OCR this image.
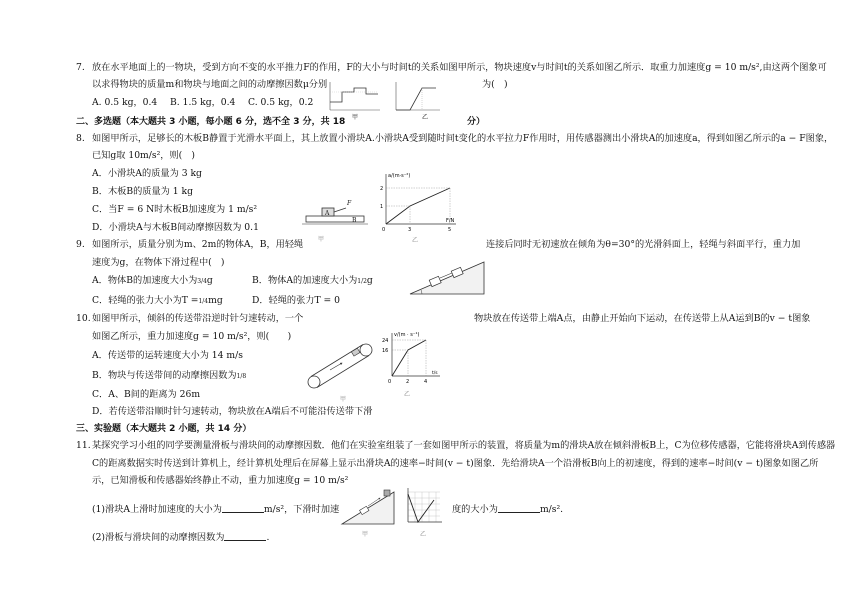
7. 放在水平地面上的一物块，受到方向不变的水平推力F的作用，F的大小与时间t的关系如图甲所示，物块速度v与时间t的关系如图乙所示．取重力加速度g = 10 m/s²,由这两个图象可
以求得物块的质量m和物块与地面之间的动摩擦因数μ分别	为(　)
A. 0.5 kg，0.4 B. 1.5 kg，0.4 C. 0.5 kg，0.2
甲	乙
二、多选题（本大题共 3 小题，每小题 6 分，选不全 3 分，共 18	分）
8. 如图甲所示，足够长的木板B静置于光滑水平面上，其上放置小滑块A.小滑块A受到随时间t变化的水平拉力F作用时，用传感器测出小滑块A的加速度a，得到如图乙所示的a − F图象，
已知g取 10m/s²，则(　)
A．小滑块A的质量为 3 kg
B．木板B的质量为 1 kg
C．当F = 6 N时木板B加速度为 1 m/s²
D．小滑块A与木板B间动摩擦因数为 0.1
A
F
B
甲
a/(m·s⁻²)
F/N
2
1
0	3	5
乙
9. 如图所示，质量分别为m、2m的物体A，B，用轻绳	连接后同时无初速放在倾角为θ=30°的光滑斜面上，轻绳与斜面平行，重力加
速度为g，在物体下滑过程中(　)
A．物体B的加速度大小为3/4g	B．物体A的加速度大小为1/2g
C．轻绳的张力大小为T =1/4mg	D．轻绳的张力T = 0
10. 如图甲所示，倾斜的传送带沿逆时针匀速转动，一个	物块放在传送带上端A点，由静止开始向下运动，在传送带上从A运到B的v − t图象
如图乙所示，重力加速度g = 10 m/s²，则(　　)
A．传送带的运转速度大小为 14 m/s
B．物块与传送带间的动摩擦因数为1/8
C．A、B间的距离为 26m
D．若传送带沿顺时针匀速转动，物块放在A端后不可能沿传送带下滑
甲
v/(m · s⁻¹)
24
16
0	2	4
t/s
乙
三、实验题（本大题共 2 小题，共 14 分）
11. 某探究学习小组的同学要测量滑板与滑块间的动摩擦因数．他们在实验室组装了一套如图甲所示的装置，将质量为m的滑块A放在倾斜滑板B上，C为位移传感器，它能将滑块A到传感器
C的距离数据实时传送到计算机上，经计算机处理后在屏幕上显示出滑块A的速率−时间(v − t)图象．先给滑块A一个沿滑板B向上的初速度，得到的速率−时间(v − t)图象如图乙所
示，已知滑板和传感器始终静止不动，重力加速度g = 10 m/s²
(1)滑块A上滑时加速度的大小为	m/s²，下滑时加速	度的大小为	m/s².
(2)滑板与滑块间的动摩擦因数为	.	甲	乙
